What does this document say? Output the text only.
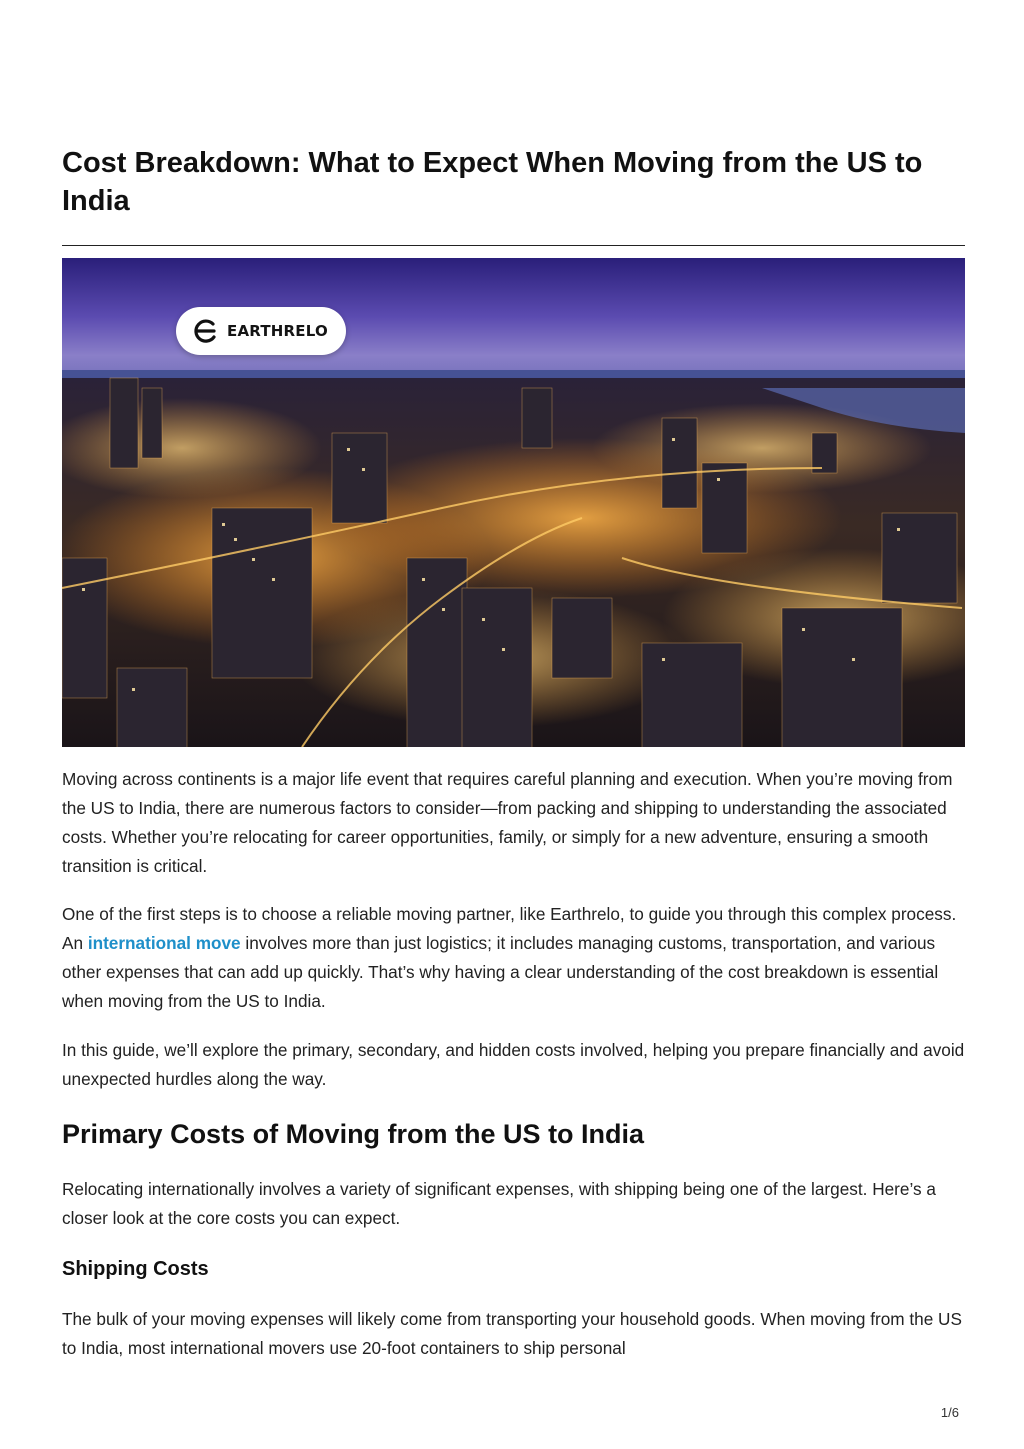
Cost Breakdown: What to Expect When Moving from the US to India
EARTHRELO

Moving across continents is a major life event that requires careful planning and execution. When you’re moving from the US to India, there are numerous factors to consider—from packing and shipping to understanding the associated costs. Whether you’re relocating for career opportunities, family, or simply for a new adventure, ensuring a smooth transition is critical.

One of the first steps is to choose a reliable moving partner, like Earthrelo, to guide you through this complex process. An international move involves more than just logistics; it includes managing customs, transportation, and various other expenses that can add up quickly. That’s why having a clear understanding of the cost breakdown is essential when moving from the US to India.

In this guide, we’ll explore the primary, secondary, and hidden costs involved, helping you prepare financially and avoid unexpected hurdles along the way.

Primary Costs of Moving from the US to India

Relocating internationally involves a variety of significant expenses, with shipping being one of the largest. Here’s a closer look at the core costs you can expect.

Shipping Costs

The bulk of your moving expenses will likely come from transporting your household goods. When moving from the US to India, most international movers use 20-foot containers to ship personal

1/6
